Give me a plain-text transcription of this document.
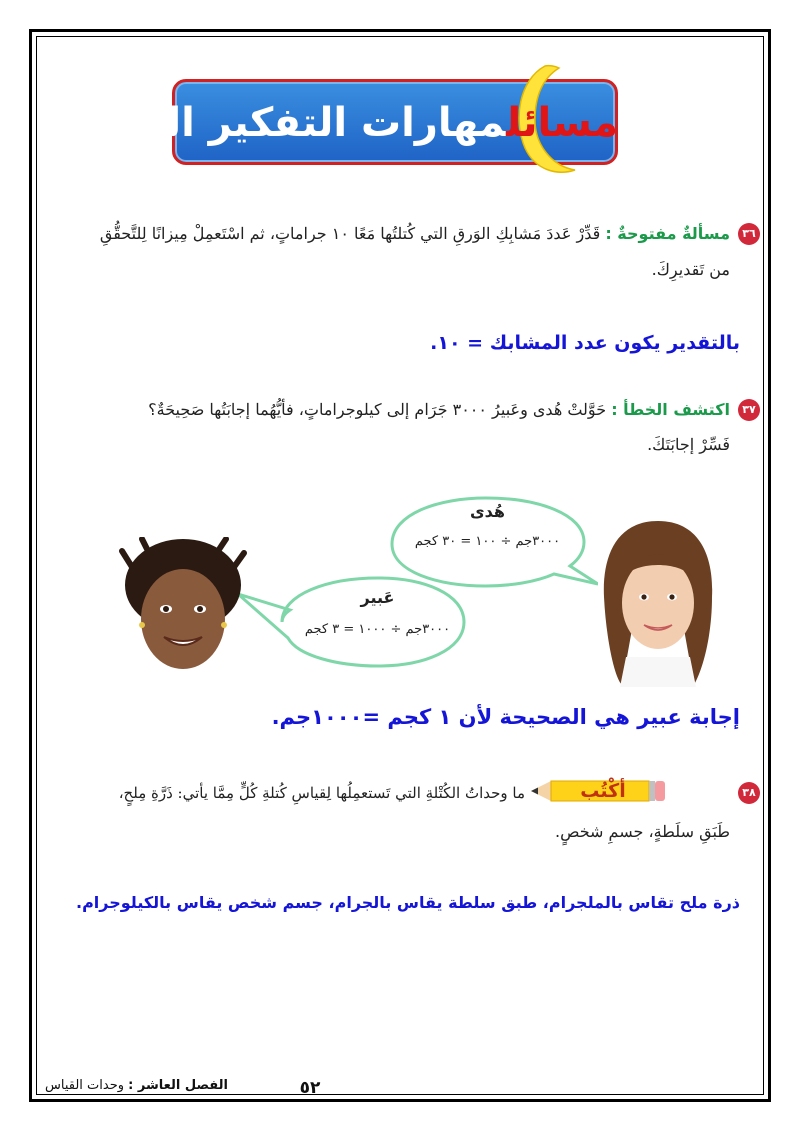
مسائلمهارات التفكير العليا:
٣٦
مسألةٌ مفتوحةٌ : قَدِّرْ عَددَ مَشابِكِ الوَرقِ التي كُتلتُها مَعًا ١٠ جراماتٍ، ثم اسْتَعمِلْ مِيزانًا لِلتَّحقُّقِ
من تَقديرِكَ.
بالتقدير يكون عدد المشابك = ١٠.
٣٧
اكتشف الخطأ : حَوَّلتْ هُدى وعَبيرُ ٣٠٠٠ جَرَام إلى كيلوجراماتٍ، فأيُّهُما إجابَتُها صَحِيحَةٌ؟
فَسِّرْ إجابَتَكَ.
هُدى
٣٠٠٠جم ÷ ١٠٠ = ٣٠ كجم
عَبير
٣٠٠٠جم ÷ ١٠٠٠ = ٣ كجم
إجابة عبير هي الصحيحة لأن ١ كجم =١٠٠٠جم.
٣٨
أكْتُب
ما وحداتُ الكُتْلةِ التي تَستعمِلُها لِقياسِ كُتلةِ كُلٍّ مِمَّا يأتي: ذَرَّةِ مِلحٍ،
طَبَقِ سلَطةٍ، جسمِ شخصٍ.
ذرة ملح تقاس بالملجرام، طبق سلطة يقاس بالجرام، جسم شخص يقاس بالكيلوجرام.
٥٢
الفصل العاشر : وحدات القياس
